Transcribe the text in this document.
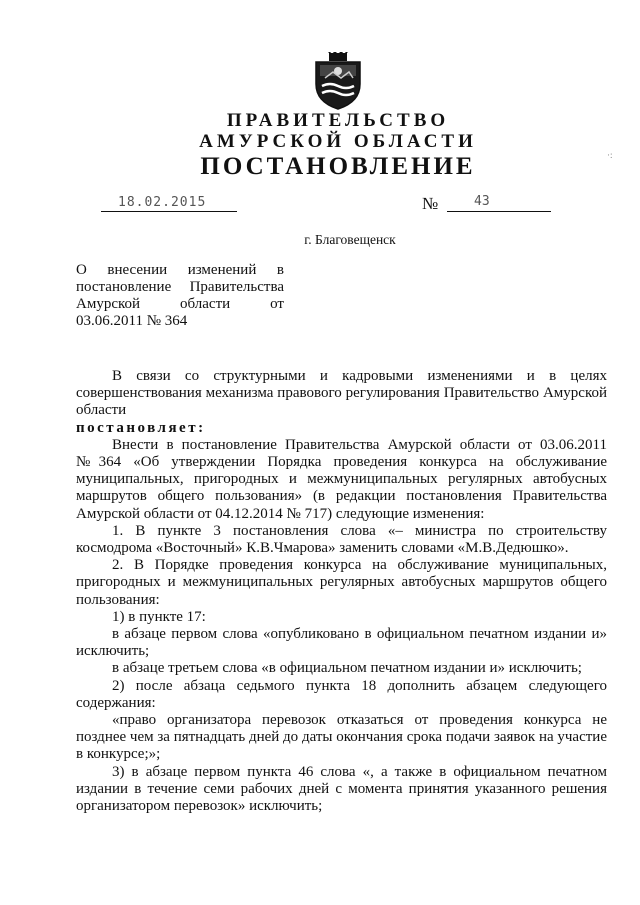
ПРАВИТЕЛЬСТВО
АМУРСКОЙ ОБЛАСТИ
ПОСТАНОВЛЕНИЕ	·:
18.02.2015	№	43
г. Благовещенск

О внесении изменений в постановление Правительства Амурской области от
03.06.2011 № 364

В связи со структурными и кадровыми изменениями и в целях совершенствования механизма правового регулирования Правительство Амурской области

постановляет:

Внести в постановление Правительства Амурской области от 03.06.2011 №364 «Об утверждении Порядка проведения конкурса на обслуживание муниципальных, пригородных и межмуниципальных регулярных автобусных маршрутов общего пользования» (в редакции постановления Правительства Амурской области от 04.12.2014 № 717) следующие изменения:

1. В пункте 3 постановления слова «– министра по строительству космодрома «Восточный» К.В.Чмарова» заменить словами «М.В.Дедюшко».

2. В Порядке проведения конкурса на обслуживание муниципальных, пригородных и межмуниципальных регулярных автобусных маршрутов общего пользования:

1) в пункте 17:

в абзаце первом слова «опубликовано в официальном печатном издании и» исключить;

в абзаце третьем слова «в официальном печатном издании и» исключить;

2) после абзаца седьмого пункта 18 дополнить абзацем следующего содержания:

«право организатора перевозок отказаться от проведения конкурса не позднее чем за пятнадцать дней до даты окончания срока подачи заявок на участие в конкурсе;»;

3) в абзаце первом пункта 46 слова «, а также в официальном печатном издании в течение семи рабочих дней с момента принятия указанного решения организатором перевозок» исключить;
